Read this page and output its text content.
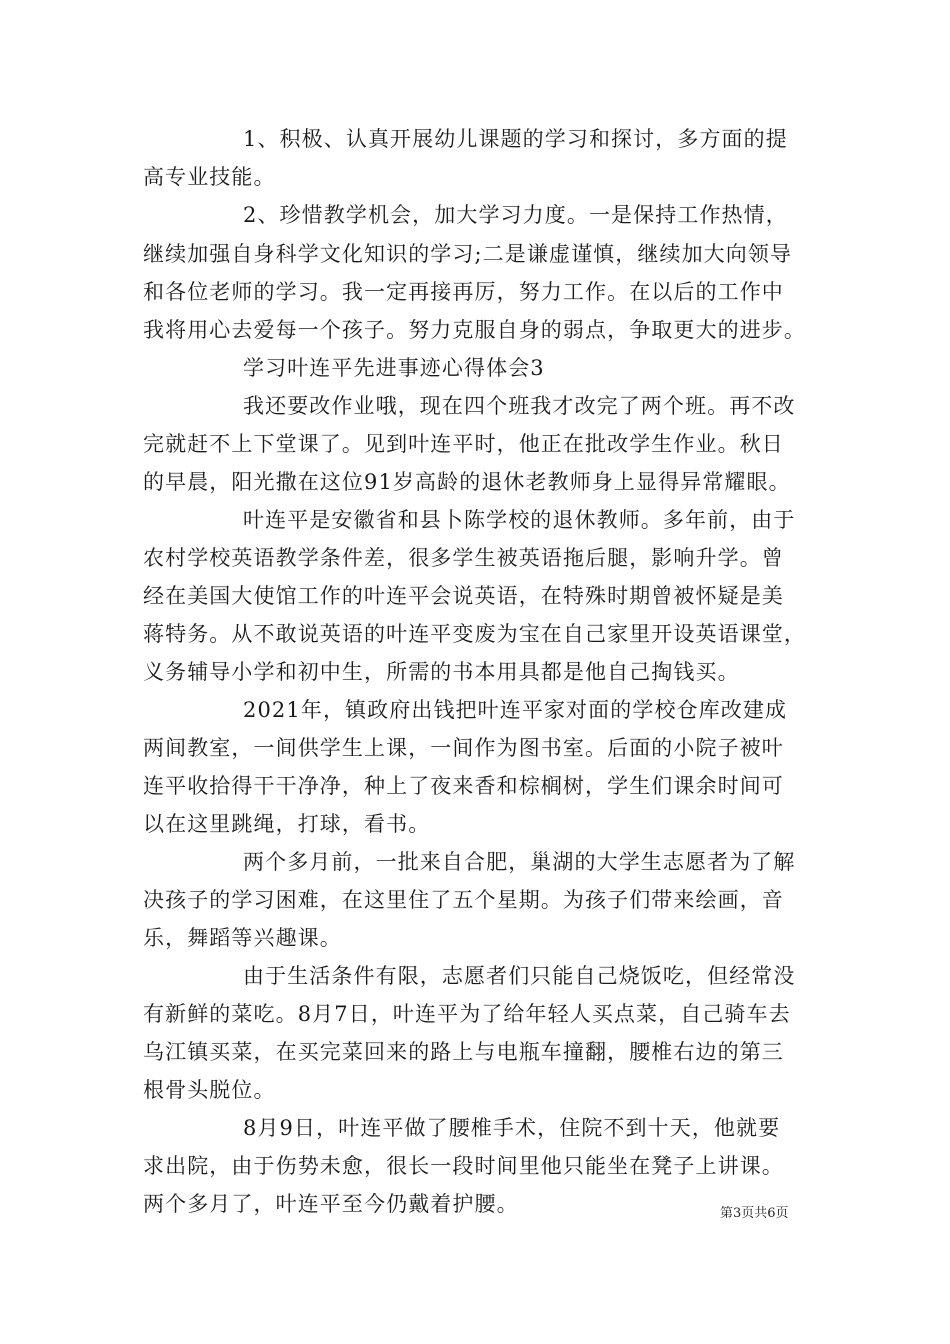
1、积极、认真开展幼儿课题的学习和探讨，多方面的提
高专业技能。
2、珍惜教学机会，加大学习力度。一是保持工作热情，
继续加强自身科学文化知识的学习;二是谦虚谨慎，继续加大向领导
和各位老师的学习。我一定再接再厉，努力工作。在以后的工作中
我将用心去爱每一个孩子。努力克服自身的弱点，争取更大的进步。
学习叶连平先进事迹心得体会3
我还要改作业哦，现在四个班我才改完了两个班。再不改
完就赶不上下堂课了。见到叶连平时，他正在批改学生作业。秋日
的早晨，阳光撒在这位91岁高龄的退休老教师身上显得异常耀眼。
叶连平是安徽省和县卜陈学校的退休教师。多年前，由于
农村学校英语教学条件差，很多学生被英语拖后腿，影响升学。曾
经在美国大使馆工作的叶连平会说英语，在特殊时期曾被怀疑是美
蒋特务。从不敢说英语的叶连平变废为宝在自己家里开设英语课堂，
义务辅导小学和初中生，所需的书本用具都是他自己掏钱买。
2021年，镇政府出钱把叶连平家对面的学校仓库改建成
两间教室，一间供学生上课，一间作为图书室。后面的小院子被叶
连平收拾得干干净净，种上了夜来香和棕榈树，学生们课余时间可
以在这里跳绳，打球，看书。
两个多月前，一批来自合肥，巢湖的大学生志愿者为了解
决孩子的学习困难，在这里住了五个星期。为孩子们带来绘画，音
乐，舞蹈等兴趣课。
由于生活条件有限，志愿者们只能自己烧饭吃，但经常没
有新鲜的菜吃。8月7日，叶连平为了给年轻人买点菜，自己骑车去
乌江镇买菜，在买完菜回来的路上与电瓶车撞翻，腰椎右边的第三
根骨头脱位。
8月9日，叶连平做了腰椎手术，住院不到十天，他就要
求出院，由于伤势未愈，很长一段时间里他只能坐在凳子上讲课。
两个多月了，叶连平至今仍戴着护腰。	第3页共6页
